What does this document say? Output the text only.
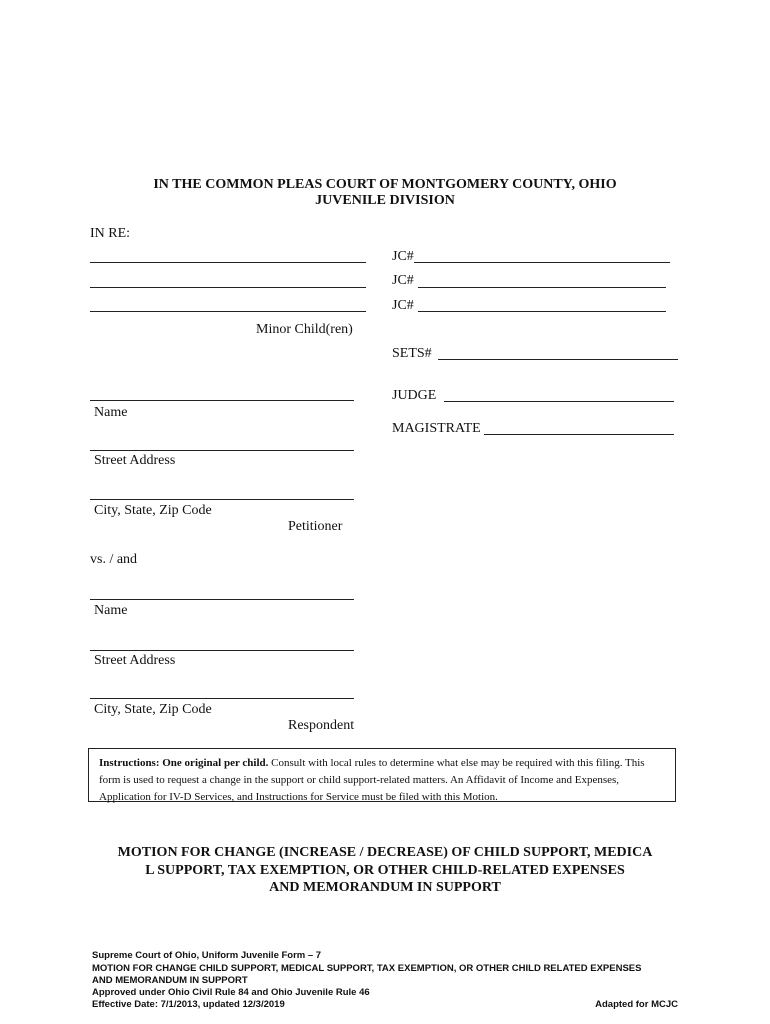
IN THE COMMON PLEAS COURT OF MONTGOMERY COUNTY, OHIO
JUVENILE DIVISION
IN RE:
Minor Child(ren)
JC#
JC#
JC#
SETS#
Name
JUDGE
MAGISTRATE
Street Address
City, State, Zip Code
Petitioner
vs. / and
Name
Street Address
City, State, Zip Code
Respondent
Instructions: One original per child. Consult with local rules to determine what else may be required with this filing. This form is used to request a change in the support or child support-related matters. An Affidavit of Income and Expenses, Application for IV-D Services, and Instructions for Service must be filed with this Motion.
MOTION FOR CHANGE (INCREASE / DECREASE) OF CHILD SUPPORT, MEDICA
L SUPPORT, TAX EXEMPTION, OR OTHER CHILD-RELATED EXPENSES
AND MEMORANDUM IN SUPPORT
Supreme Court of Ohio, Uniform Juvenile Form – 7
MOTION FOR CHANGE CHILD SUPPORT, MEDICAL SUPPORT, TAX EXEMPTION, OR OTHER CHILD RELATED EXPENSES
AND MEMORANDUM IN SUPPORT
Approved under Ohio Civil Rule 84 and Ohio Juvenile Rule 46
Effective Date: 7/1/2013, updated 12/3/2019	Adapted for MCJC
